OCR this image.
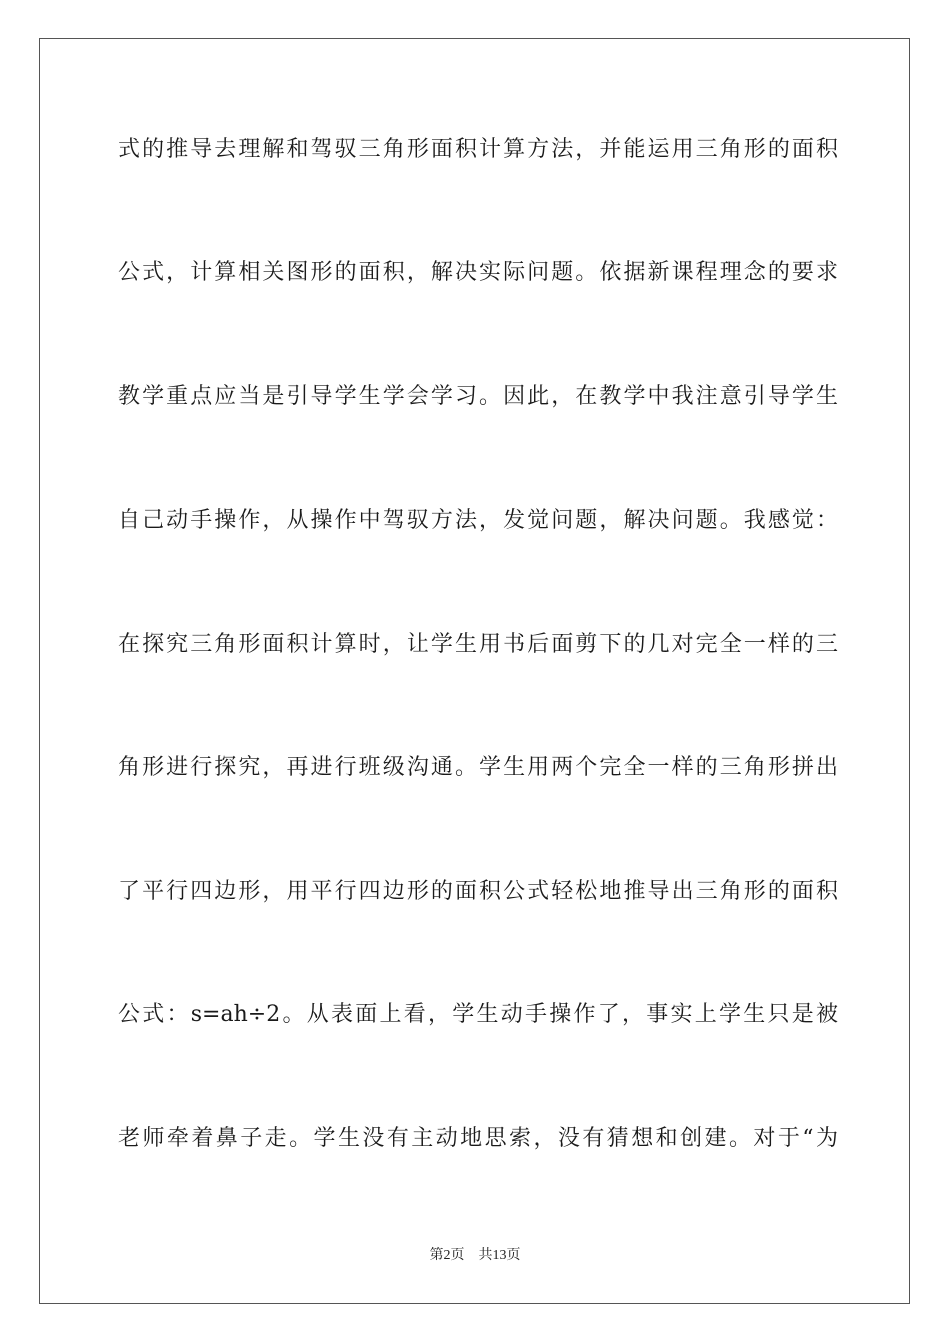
式的推导去理解和驾驭三角形面积计算方法，并能运用三角形的面积
公式，计算相关图形的面积，解决实际问题。依据新课程理念的要求
教学重点应当是引导学生学会学习。因此，在教学中我注意引导学生
自己动手操作，从操作中驾驭方法，发觉问题，解决问题。我感觉：
在探究三角形面积计算时，让学生用书后面剪下的几对完全一样的三
角形进行探究，再进行班级沟通。学生用两个完全一样的三角形拼出
了平行四边形，用平行四边形的面积公式轻松地推导出三角形的面积
公式：s=ah÷2。从表面上看，学生动手操作了，事实上学生只是被
老师牵着鼻子走。学生没有主动地思索，没有猜想和创建。对于“为
第2页 共13页
